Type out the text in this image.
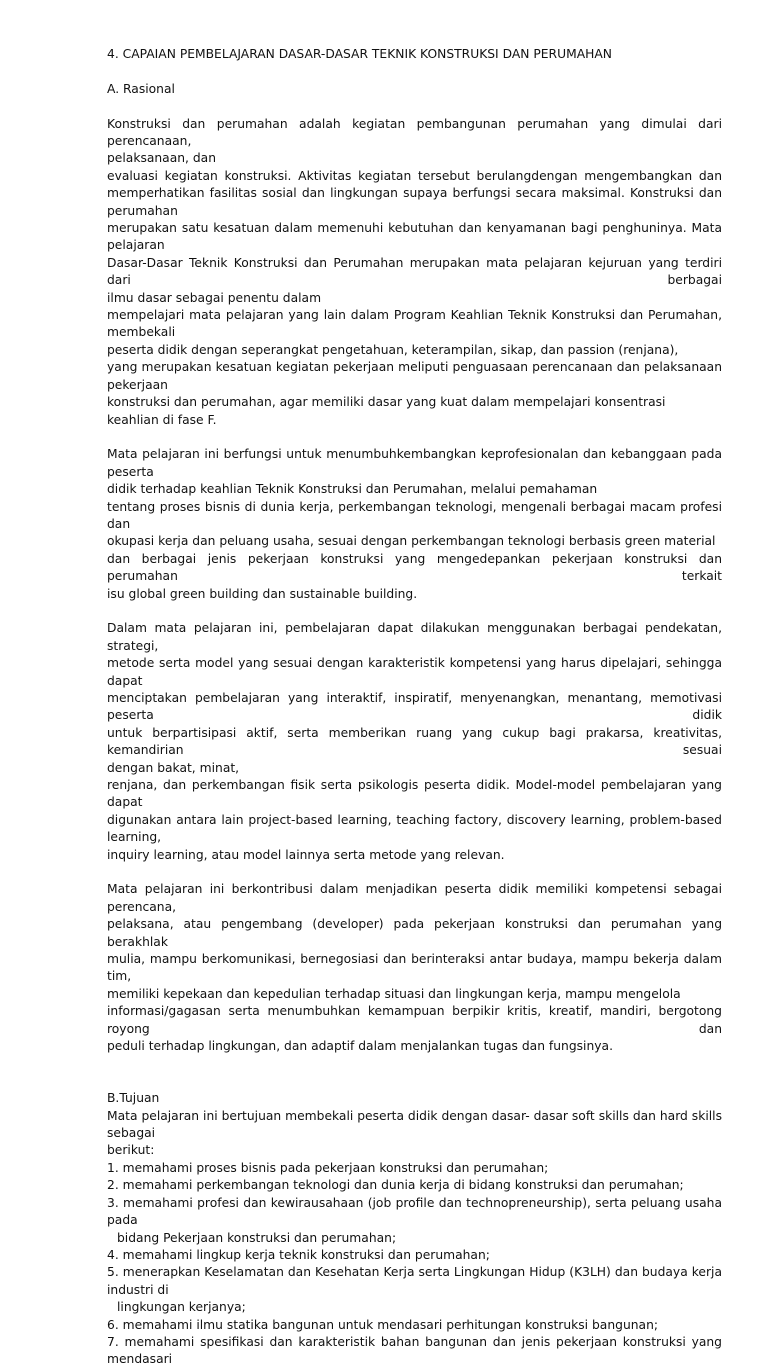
4. CAPAIAN PEMBELAJARAN DASAR-DASAR TEKNIK KONSTRUKSI DAN PERUMAHAN
A. Rasional
Konstruksi dan perumahan adalah kegiatan pembangunan perumahan yang dimulai dari perencanaan,
pelaksanaan, dan
evaluasi kegiatan konstruksi. Aktivitas kegiatan tersebut berulangdengan mengembangkan dan
memperhatikan fasilitas sosial dan lingkungan supaya berfungsi secara maksimal. Konstruksi dan perumahan
merupakan satu kesatuan dalam memenuhi kebutuhan dan kenyamanan bagi penghuninya. Mata pelajaran
Dasar-Dasar Teknik Konstruksi dan Perumahan merupakan mata pelajaran kejuruan yang terdiri dari berbagai
ilmu dasar sebagai penentu dalam
mempelajari mata pelajaran yang lain dalam Program Keahlian Teknik Konstruksi dan Perumahan, membekali
peserta didik dengan seperangkat pengetahuan, keterampilan, sikap, dan passion (renjana),
yang merupakan kesatuan kegiatan pekerjaan meliputi penguasaan perencanaan dan pelaksanaan pekerjaan
konstruksi dan perumahan, agar memiliki dasar yang kuat dalam mempelajari konsentrasi
keahlian di fase F.
Mata pelajaran ini berfungsi untuk menumbuhkembangkan keprofesionalan dan kebanggaan pada peserta
didik terhadap keahlian Teknik Konstruksi dan Perumahan, melalui pemahaman
tentang proses bisnis di dunia kerja, perkembangan teknologi, mengenali berbagai macam profesi dan
okupasi kerja dan peluang usaha, sesuai dengan perkembangan teknologi berbasis green material
dan berbagai jenis pekerjaan konstruksi yang mengedepankan pekerjaan konstruksi dan perumahan terkait
isu global green building dan sustainable building.
Dalam mata pelajaran ini, pembelajaran dapat dilakukan menggunakan berbagai pendekatan, strategi,
metode serta model yang sesuai dengan karakteristik kompetensi yang harus dipelajari, sehingga dapat
menciptakan pembelajaran yang interaktif, inspiratif, menyenangkan, menantang, memotivasi peserta didik
untuk berpartisipasi aktif, serta memberikan ruang yang cukup bagi prakarsa, kreativitas, kemandirian sesuai
dengan bakat, minat,
renjana, dan perkembangan fisik serta psikologis peserta didik. Model-model pembelajaran yang dapat
digunakan antara lain project-based learning, teaching factory, discovery learning, problem-based learning,
inquiry learning, atau model lainnya serta metode yang relevan.
Mata pelajaran ini berkontribusi dalam menjadikan peserta didik memiliki kompetensi sebagai perencana,
pelaksana, atau pengembang (developer) pada pekerjaan konstruksi dan perumahan yang berakhlak
mulia, mampu berkomunikasi, bernegosiasi dan berinteraksi antar budaya, mampu bekerja dalam tim,
memiliki kepekaan dan kepedulian terhadap situasi dan lingkungan kerja, mampu mengelola
informasi/gagasan serta menumbuhkan kemampuan berpikir kritis, kreatif, mandiri, bergotong royong dan
peduli terhadap lingkungan, dan adaptif dalam menjalankan tugas dan fungsinya.
B.Tujuan
Mata pelajaran ini bertujuan membekali peserta didik dengan dasar- dasar soft skills dan hard skills sebagai
berikut:
1. memahami proses bisnis pada pekerjaan konstruksi dan perumahan;
2. memahami perkembangan teknologi dan dunia kerja di bidang konstruksi dan perumahan;
3. memahami profesi dan kewirausahaan (job profile dan technopreneurship), serta peluang usaha pada
bidang Pekerjaan konstruksi dan perumahan;
4. memahami lingkup kerja teknik konstruksi dan perumahan;
5. menerapkan Keselamatan dan Kesehatan Kerja serta Lingkungan Hidup (K3LH) dan budaya kerja industri di
lingkungan kerjanya;
6. memahami ilmu statika bangunan untuk mendasari perhitungan konstruksi bangunan;
7. memahami spesifikasi dan karakteristik bahan bangunan dan jenis pekerjaan konstruksi yang mendasari
